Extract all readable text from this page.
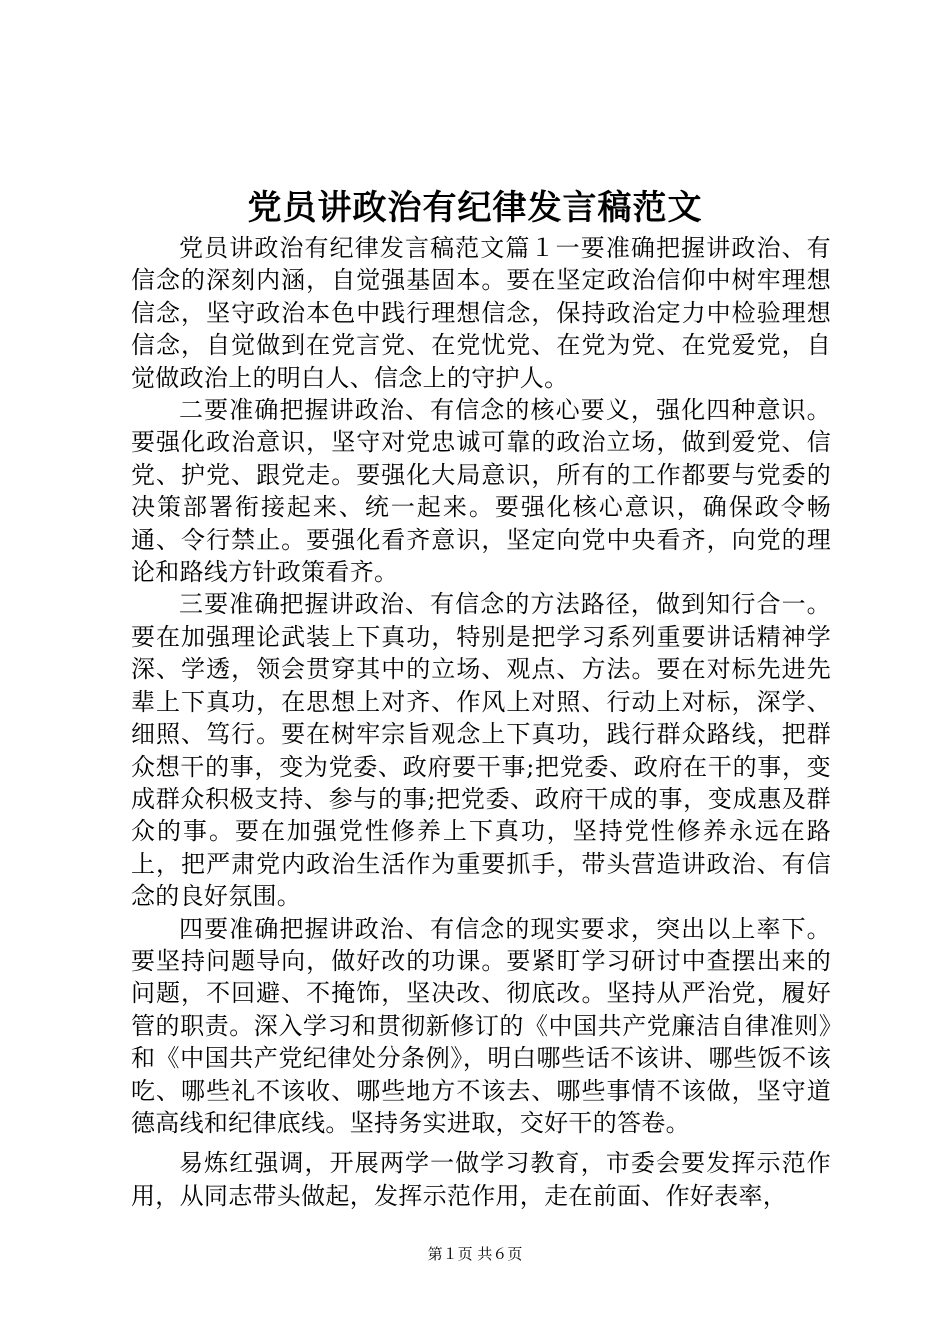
党员讲政治有纪律发言稿范文

党员讲政治有纪律发言稿范文篇１一要准确把握讲政治、有信念的深刻内涵，自觉强基固本。要在坚定政治信仰中树牢理想信念，坚守政治本色中践行理想信念，保持政治定力中检验理想信念，自觉做到在党言党、在党忧党、在党为党、在党爱党，自觉做政治上的明白人、信念上的守护人。

二要准确把握讲政治、有信念的核心要义，强化四种意识。要强化政治意识，坚守对党忠诚可靠的政治立场，做到爱党、信党、护党、跟党走。要强化大局意识，所有的工作都要与党委的决策部署衔接起来、统一起来。要强化核心意识，确保政令畅通、令行禁止。要强化看齐意识，坚定向党中央看齐，向党的理论和路线方针政策看齐。

三要准确把握讲政治、有信念的方法路径，做到知行合一。要在加强理论武装上下真功，特别是把学习系列重要讲话精神学深、学透，领会贯穿其中的立场、观点、方法。要在对标先进先辈上下真功，在思想上对齐、作风上对照、行动上对标，深学、细照、笃行。要在树牢宗旨观念上下真功，践行群众路线，把群众想干的事，变为党委、政府要干事;把党委、政府在干的事，变成群众积极支持、参与的事;把党委、政府干成的事，变成惠及群众的事。要在加强党性修养上下真功，坚持党性修养永远在路上，把严肃党内政治生活作为重要抓手，带头营造讲政治、有信念的良好氛围。

四要准确把握讲政治、有信念的现实要求，突出以上率下。要坚持问题导向，做好改的功课。要紧盯学习研讨中查摆出来的问题，不回避、不掩饰，坚决改、彻底改。坚持从严治党，履好管的职责。深入学习和贯彻新修订的《中国共产党廉洁自律准则》和《中国共产党纪律处分条例》，明白哪些话不该讲、哪些饭不该吃、哪些礼不该收、哪些地方不该去、哪些事情不该做，坚守道德高线和纪律底线。坚持务实进取，交好干的答卷。

易炼红强调，开展两学一做学习教育，市委会要发挥示范作用，从同志带头做起，发挥示范作用，走在前面、作好表率，

第１页 共６页
